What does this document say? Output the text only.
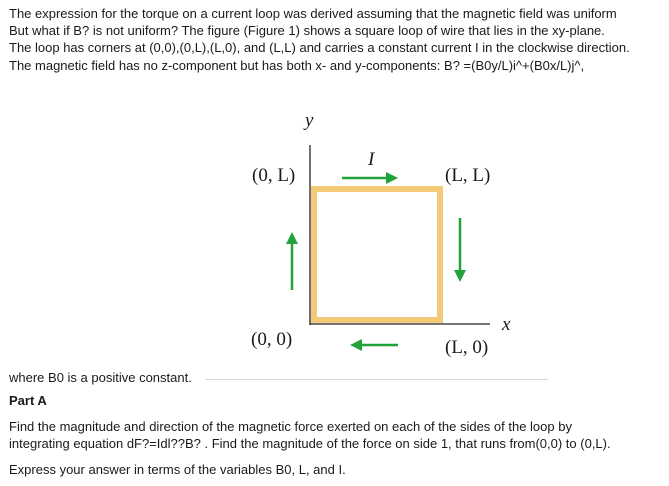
The expression for the torque on a current loop was derived assuming that the magnetic field was uniform
But what if B? is not uniform? The figure (Figure 1) shows a square loop of wire that lies in the xy-plane.
The loop has corners at (0,0),(0,L),(L,0), and (L,L) and carries a constant current I in the clockwise direction.
The magnetic field has no z-component but has both x- and y-components: B? =(B0y/L)i^+(B0x/L)j^,
y
x
I
(0, L)	(L, L)
(0, 0)	(L, 0)
where B0 is a positive constant.
Part A
Find the magnitude and direction of the magnetic force exerted on each of the sides of the loop by
integrating equation dF?=Idl??B? . Find the magnitude of the force on side 1, that runs from(0,0) to (0,L).
Express your answer in terms of the variables B0, L, and I.
